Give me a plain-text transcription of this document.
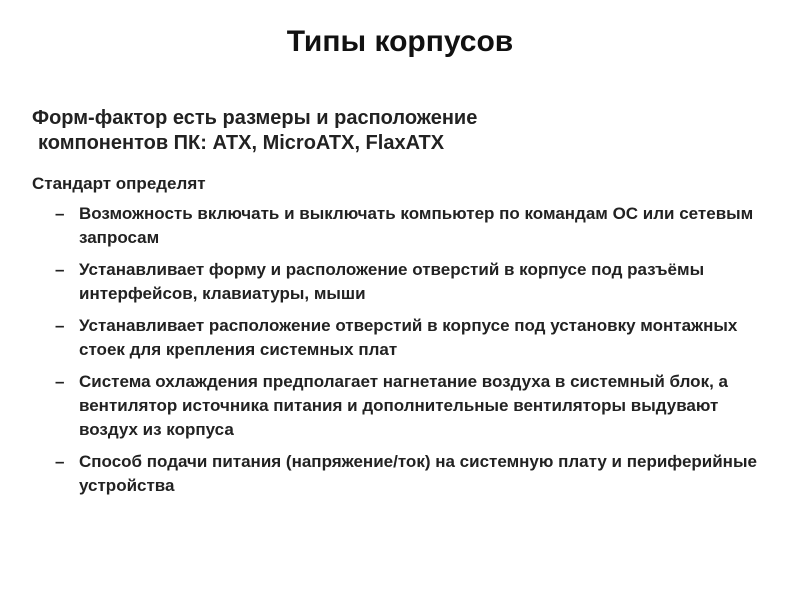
Типы корпусов
Форм-фактор есть размеры и расположение
компонентов ПК: АТХ, MicroATX, FlaxATX
Стандарт определят
– Возможность включать и выключать компьютер по командам ОС или сетевым запросам
– Устанавливает форму и расположение отверстий в корпусе под разъёмы интерфейсов, клавиатуры, мыши
– Устанавливает расположение отверстий в корпусе под установку монтажных стоек для крепления системных плат
– Система охлаждения предполагает нагнетание воздуха в системный блок, а вентилятор источника питания и дополнительные вентиляторы выдувают воздух из корпуса
– Способ подачи питания (напряжение/ток) на системную плату и периферийные устройства
